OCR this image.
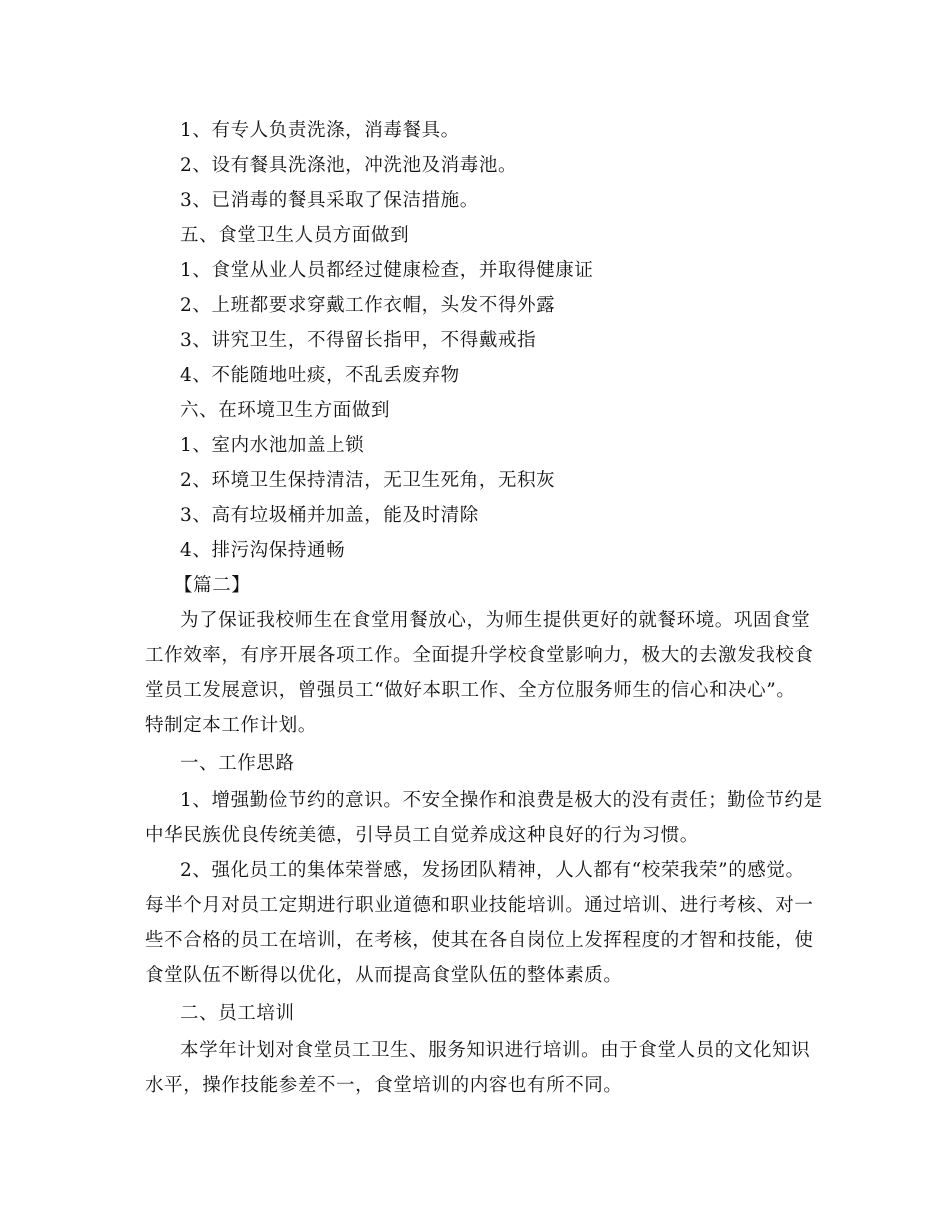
1、有专人负责洗涤，消毒餐具。
2、设有餐具洗涤池，冲洗池及消毒池。
3、已消毒的餐具采取了保洁措施。
五、食堂卫生人员方面做到
1、食堂从业人员都经过健康检查，并取得健康证
2、上班都要求穿戴工作衣帽，头发不得外露
3、讲究卫生，不得留长指甲，不得戴戒指
4、不能随地吐痰，不乱丢废弃物
六、在环境卫生方面做到
1、室内水池加盖上锁
2、环境卫生保持清洁，无卫生死角，无积灰
3、高有垃圾桶并加盖，能及时清除
4、排污沟保持通畅
【篇二】
为了保证我校师生在食堂用餐放心，为师生提供更好的就餐环境。巩固食堂
工作效率，有序开展各项工作。全面提升学校食堂影响力，极大的去激发我校食
堂员工发展意识，曾强员工“做好本职工作、全方位服务师生的信心和决心”。
特制定本工作计划。
一、工作思路
1、增强勤俭节约的意识。不安全操作和浪费是极大的没有责任；勤俭节约是
中华民族优良传统美德，引导员工自觉养成这种良好的行为习惯。
2、强化员工的集体荣誉感，发扬团队精神，人人都有“校荣我荣”的感觉。
每半个月对员工定期进行职业道德和职业技能培训。通过培训、进行考核、对一
些不合格的员工在培训，在考核，使其在各自岗位上发挥程度的才智和技能，使
食堂队伍不断得以优化，从而提高食堂队伍的整体素质。
二、员工培训
本学年计划对食堂员工卫生、服务知识进行培训。由于食堂人员的文化知识
水平，操作技能参差不一，食堂培训的内容也有所不同。
